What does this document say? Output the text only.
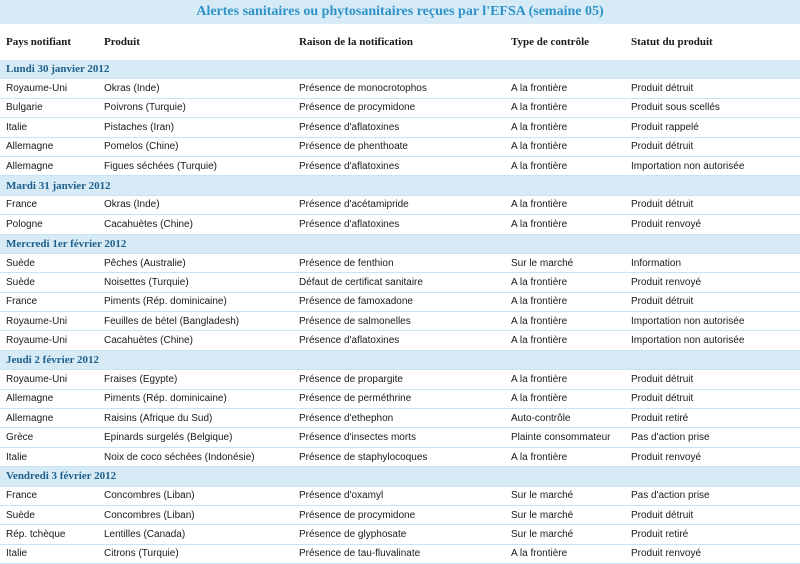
Alertes sanitaires ou phytosanitaires reçues par l'EFSA (semaine 05)
Pays notifiant	Produit	Raison de la notification	Type de contrôle	Statut du produit
Lundi 30 janvier 2012				
Royaume-Uni	Okras (Inde)	Présence de monocrotophos	A la frontière	Produit détruit
Bulgarie	Poivrons (Turquie)	Présence de procymidone	A la frontière	Produit sous scellés
Italie	Pistaches (Iran)	Présence d'aflatoxines	A la frontière	Produit rappelé
Allemagne	Pomelos (Chine)	Présence de phenthoate	A la frontière	Produit détruit
Allemagne	Figues séchées (Turquie)	Présence d'aflatoxines	A la frontière	Importation non autorisée
Mardi 31 janvier 2012				
France	Okras (Inde)	Présence d'acétamipride	A la frontière	Produit détruit
Pologne	Cacahuètes (Chine)	Présence d'aflatoxines	A la frontière	Produit renvoyé
Mercredi 1er février 2012				
Suède	Pêches (Australie)	Présence de fenthion	Sur le marché	Information
Suède	Noisettes (Turquie)	Défaut de certificat sanitaire	A la frontière	Produit renvoyé
France	Piments (Rép. dominicaine)	Présence de famoxadone	A la frontière	Produit détruit
Royaume-Uni	Feuilles de bétel (Bangladesh)	Présence de salmonelles	A la frontière	Importation non autorisée
Royaume-Uni	Cacahuètes (Chine)	Présence d'aflatoxines	A la frontière	Importation non autorisée
Jeudi 2 février 2012				
Royaume-Uni	Fraises (Egypte)	Présence de propargite	A la frontière	Produit détruit
Allemagne	Piments (Rép. dominicaine)	Présence de perméthrine	A la frontière	Produit détruit
Allemagne	Raisins (Afrique du Sud)	Présence d'ethephon	Auto-contrôle	Produit retiré
Grèce	Epinards surgelés (Belgique)	Présence d'insectes morts	Plainte consommateur	Pas d'action prise
Italie	Noix de coco séchées (Indonésie)	Présence de staphylocoques	A la frontière	Produit renvoyé
Vendredi 3 février 2012				
France	Concombres (Liban)	Présence d'oxamyl	Sur le marché	Pas d'action prise
Suède	Concombres (Liban)	Présence de procymidone	Sur le marché	Produit détruit
Rép. tchèque	Lentilles (Canada)	Présence de glyphosate	Sur le marché	Produit retiré
Italie	Citrons (Turquie)	Présence de tau-fluvalinate	A la frontière	Produit renvoyé
